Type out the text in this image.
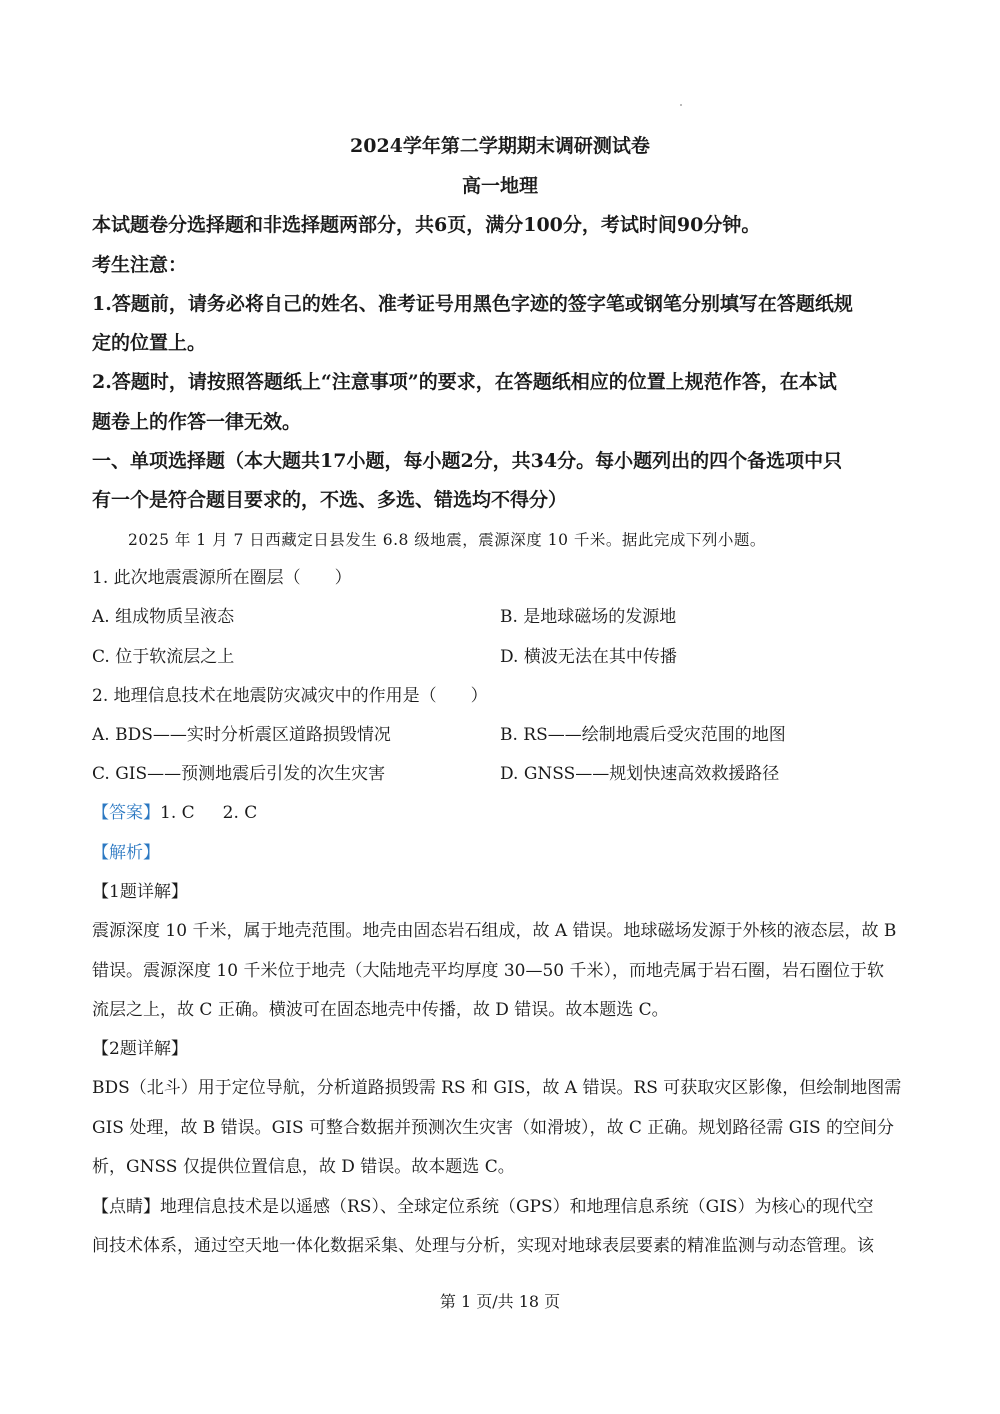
2024学年第二学期期末调研测试卷
高一地理
本试题卷分选择题和非选择题两部分，共6页，满分100分，考试时间90分钟。
考生注意：
1.答题前，请务必将自己的姓名、准考证号用黑色字迹的签字笔或钢笔分别填写在答题纸规
定的位置上。
2.答题时，请按照答题纸上“注意事项”的要求，在答题纸相应的位置上规范作答，在本试
题卷上的作答一律无效。
一、单项选择题（本大题共17小题，每小题2分，共34分。每小题列出的四个备选项中只
有一个是符合题目要求的，不选、多选、错选均不得分）
2025 年 1 月 7 日西藏定日县发生 6.8 级地震，震源深度 10 千米。据此完成下列小题。
1. 此次地震震源所在圈层（　　）
A. 组成物质呈液态	B. 是地球磁场的发源地
C. 位于软流层之上	D. 横波无法在其中传播
2. 地理信息技术在地震防灾减灾中的作用是（　　）
A. BDS——实时分析震区道路损毁情况	B. RS——绘制地震后受灾范围的地图
C. GIS——预测地震后引发的次生灾害	D. GNSS——规划快速高效救援路径
【答案】1. C 2. C
【解析】
【1题详解】
震源深度 10 千米，属于地壳范围。地壳由固态岩石组成，故 A 错误。地球磁场发源于外核的液态层，故 B
错误。震源深度 10 千米位于地壳（大陆地壳平均厚度 30—50 千米），而地壳属于岩石圈，岩石圈位于软
流层之上，故 C 正确。横波可在固态地壳中传播，故 D 错误。故本题选 C。
【2题详解】
BDS（北斗）用于定位导航，分析道路损毁需 RS 和 GIS，故 A 错误。RS 可获取灾区影像，但绘制地图需
GIS 处理，故 B 错误。GIS 可整合数据并预测次生灾害（如滑坡），故 C 正确。规划路径需 GIS 的空间分
析，GNSS 仅提供位置信息，故 D 错误。故本题选 C。
【点睛】地理信息技术是以遥感（RS）、全球定位系统（GPS）和地理信息系统（GIS）为核心的现代空
间技术体系，通过空天地一体化数据采集、处理与分析，实现对地球表层要素的精准监测与动态管理。该
第 1 页/共 18 页
